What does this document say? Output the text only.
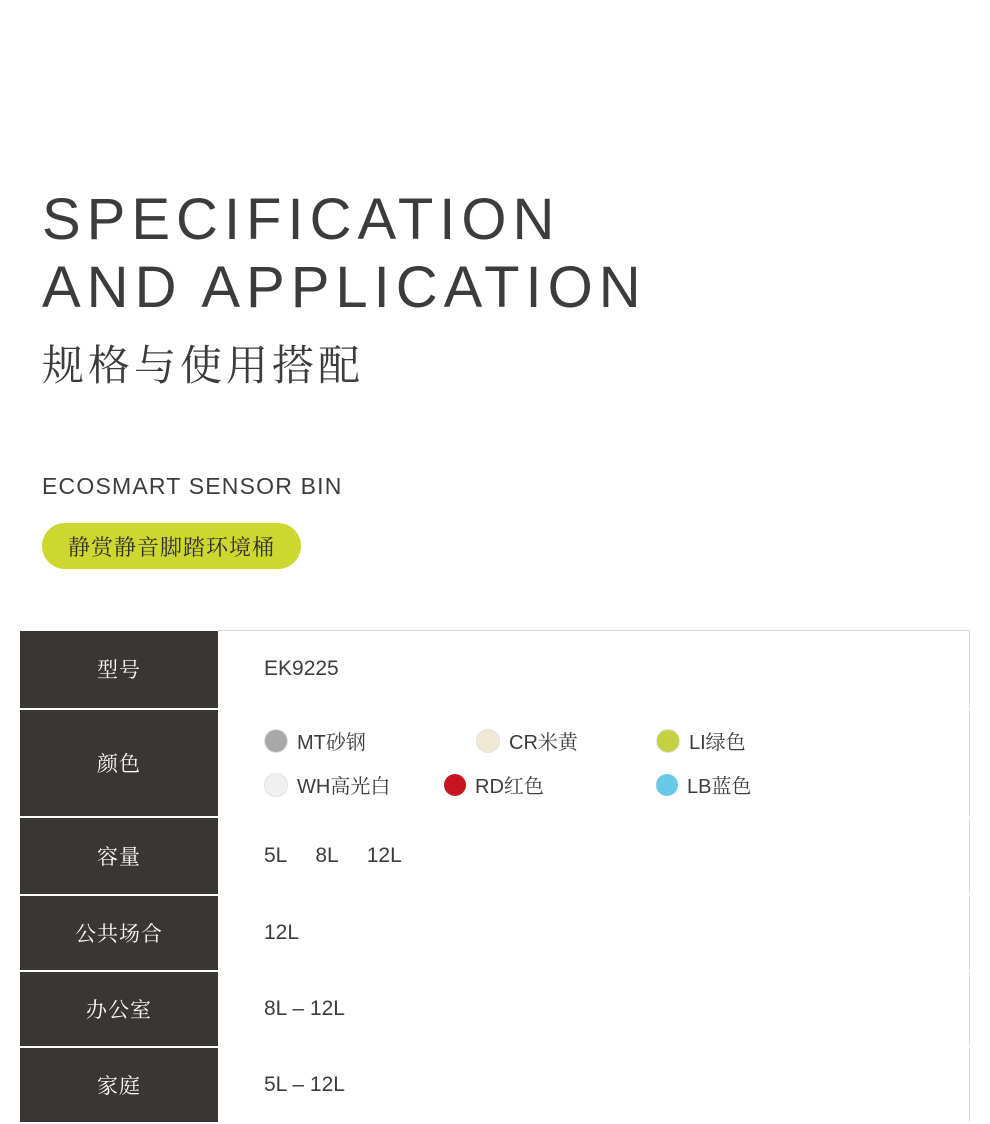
SPECIFICATION
AND APPLICATION
规格与使用搭配
ECOSMART SENSOR BIN
静赏静音脚踏环境桶
型号	EK9225
颜色	
MT砂钢	CR米黄	LI绿色
WH高光白	RD红色	LB蓝色

容量	5L 8L 12L

公共场合	12L
办公室	8L – 12L
家庭	5L – 12L
